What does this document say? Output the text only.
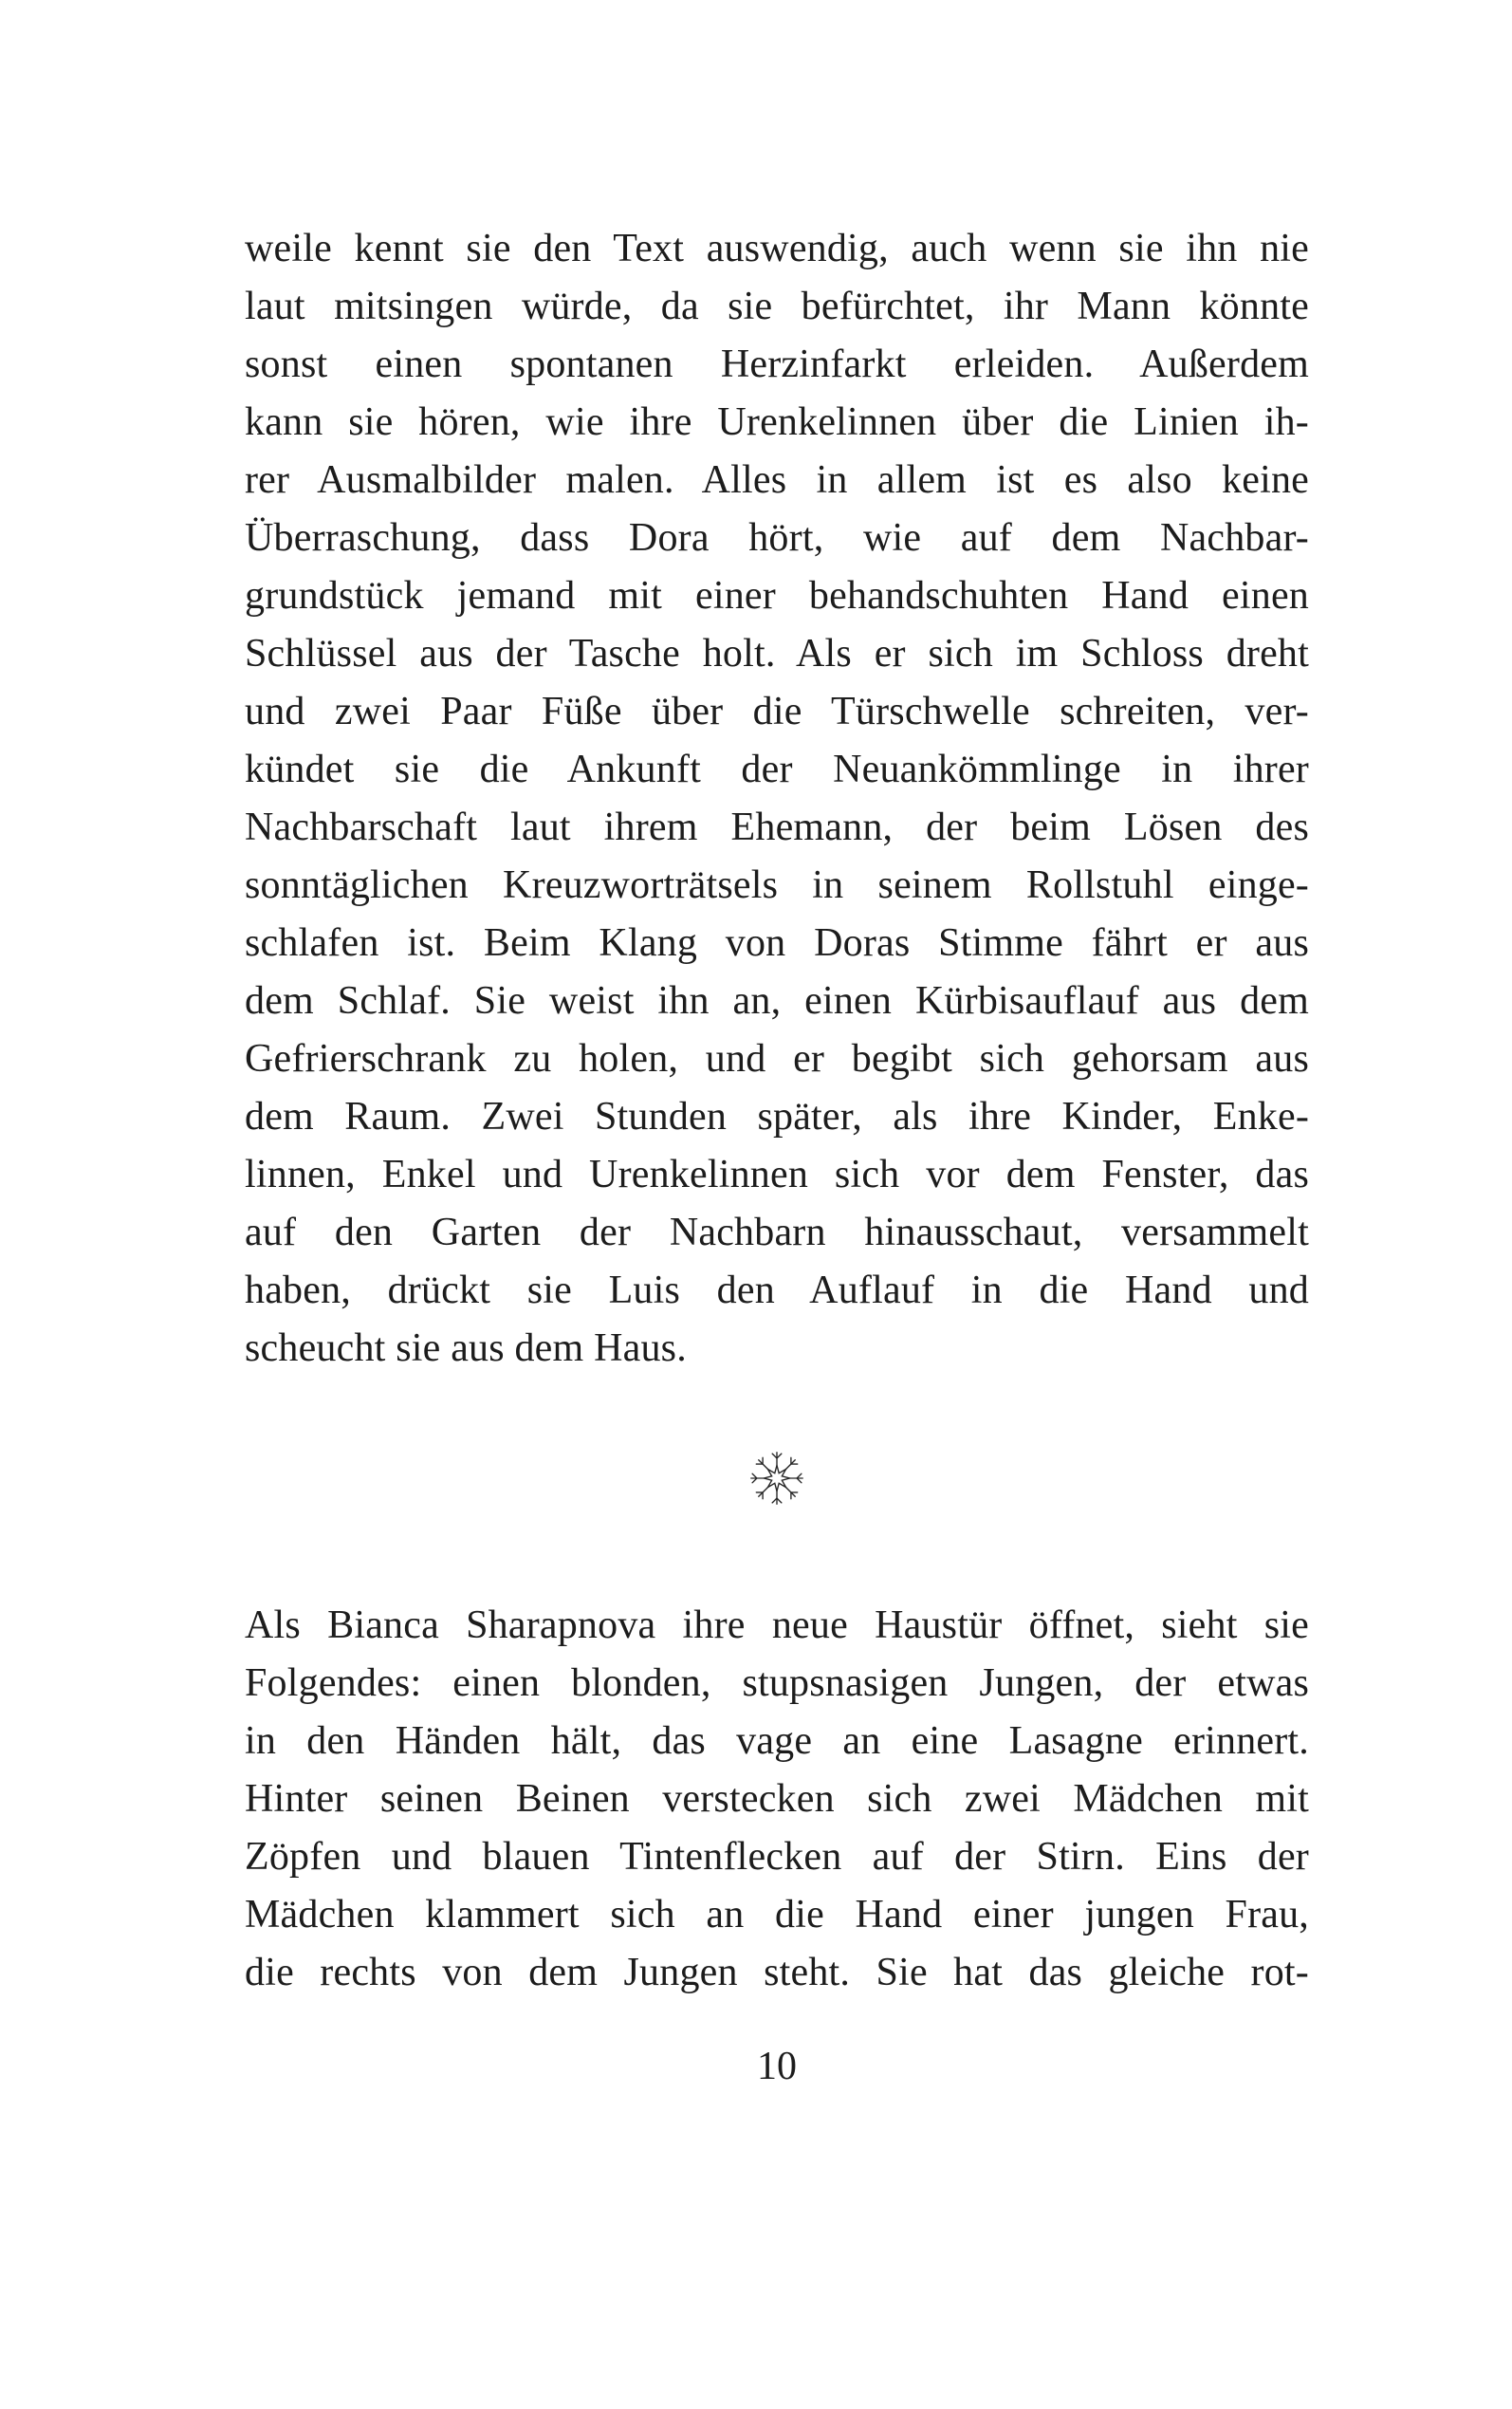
weile kennt sie den Text auswendig, auch wenn sie ihn nie
laut mitsingen würde, da sie befürchtet, ihr Mann könnte
sonst einen spontanen Herzinfarkt erleiden. Außerdem
kann sie hören, wie ihre Urenkelinnen über die Linien ih-
rer Ausmalbilder malen. Alles in allem ist es also keine
Überraschung, dass Dora hört, wie auf dem Nachbar-
grundstück jemand mit einer behandschuhten Hand einen
Schlüssel aus der Tasche holt. Als er sich im Schloss dreht
und zwei Paar Füße über die Türschwelle schreiten, ver-
kündet sie die Ankunft der Neuankömmlinge in ihrer
Nachbarschaft laut ihrem Ehemann, der beim Lösen des
sonntäglichen Kreuzworträtsels in seinem Rollstuhl einge-
schlafen ist. Beim Klang von Doras Stimme fährt er aus
dem Schlaf. Sie weist ihn an, einen Kürbisauflauf aus dem
Gefrierschrank zu holen, und er begibt sich gehorsam aus
dem Raum. Zwei Stunden später, als ihre Kinder, Enke-
linnen, Enkel und Urenkelinnen sich vor dem Fenster, das
auf den Garten der Nachbarn hinausschaut, versammelt
haben, drückt sie Luis den Auflauf in die Hand und
scheucht sie aus dem Haus.
Als Bianca Sharapnova ihre neue Haustür öffnet, sieht sie
Folgendes: einen blonden, stupsnasigen Jungen, der etwas
in den Händen hält, das vage an eine Lasagne erinnert.
Hinter seinen Beinen verstecken sich zwei Mädchen mit
Zöpfen und blauen Tintenflecken auf der Stirn. Eins der
Mädchen klammert sich an die Hand einer jungen Frau,
die rechts von dem Jungen steht. Sie hat das gleiche rot-
10
